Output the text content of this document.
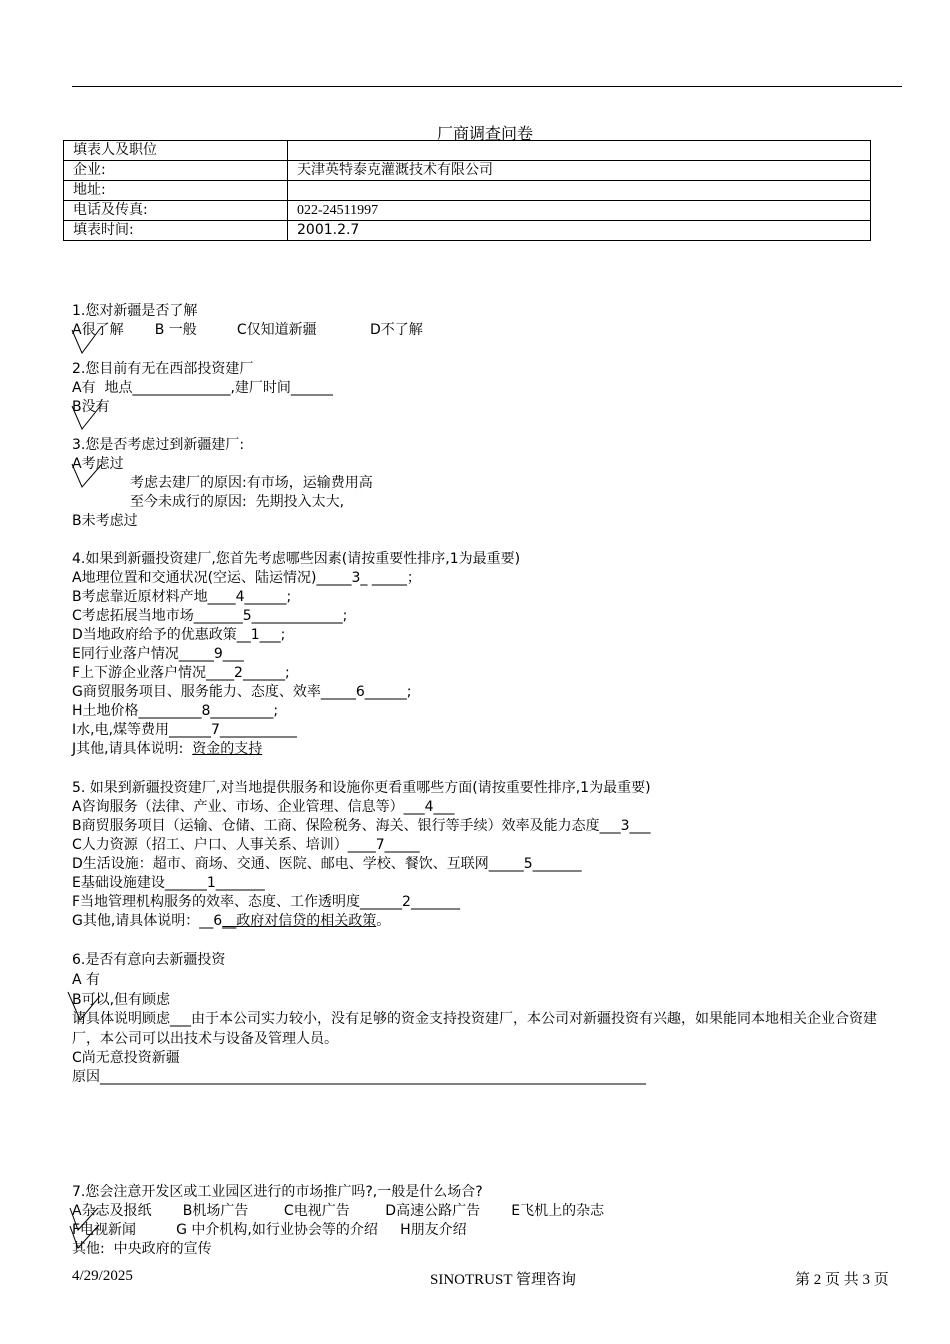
厂商调查问卷
填表人及职位	
企业:	天津英特泰克灌溉技术有限公司
地址:	
电话及传真:	022-24511997
填表时间:	2001.2.7
1.您对新疆是否了解
A很了解       B 一般         C仅知道新疆            D不了解
2.您目前有无在西部投资建厂
A有  地点______________,建厂时间______
B没有
3.您是否考虑过到新疆建厂:
A考虑过
考虑去建厂的原因:有市场，运输费用高
至今未成行的原因:  先期投入太大,
B未考虑过
4.如果到新疆投资建厂,您首先考虑哪些因素(请按重要性排序,1为最重要)
A地理位置和交通状况(空运、陆运情况)_____3_ _____；
B考虑靠近原材料产地____4______;
C考虑拓展当地市场_______5_____________;
D当地政府给予的优惠政策__1___;
E同行业落户情况_____9___
F上下游企业落户情况____2______;
G商贸服务项目、服务能力、态度、效率_____6______;
H土地价格_________8_________;
I水,电,煤等费用______7___________
J其他,请具体说明:  资金的支持
5. 如果到新疆投资建厂,对当地提供服务和设施你更看重哪些方面(请按重要性排序,1为最重要)
A咨询服务（法律、产业、市场、企业管理、信息等）___4___
B商贸服务项目（运输、仓储、工商、保险税务、海关、银行等手续）效率及能力态度___3___
C人力资源（招工、户口、人事关系、培训）____7_____
D生活设施：超市、商场、交通、医院、邮电、学校、餐饮、互联网_____5_______
E基础设施建设______1_______
F当地管理机构服务的效率、态度、工作透明度______2_______
G其他,请具体说明：__6__政府对信贷的相关政策。
6.是否有意向去新疆投资
A 有
B可以,但有顾虑
请具体说明顾虑___由于本公司实力较小，没有足够的资金支持投资建厂，本公司对新疆投资有兴趣，如果能同本地相关企业合资建厂，本公司可以出技术与设备及管理人员。
C尚无意投资新疆
原因______________________________________________________________________________
7.您会注意开发区或工业园区进行的市场推广吗?,一般是什么场合?
A杂志及报纸       B机场广告        C电视广告        D高速公路广告       E飞机上的杂志
F电视新闻         G 中介机构,如行业协会等的介绍     H朋友介绍
其他:  中央政府的宣传
4/29/2025	SINOTRUST 管理咨询	第 2 页 共 3 页
